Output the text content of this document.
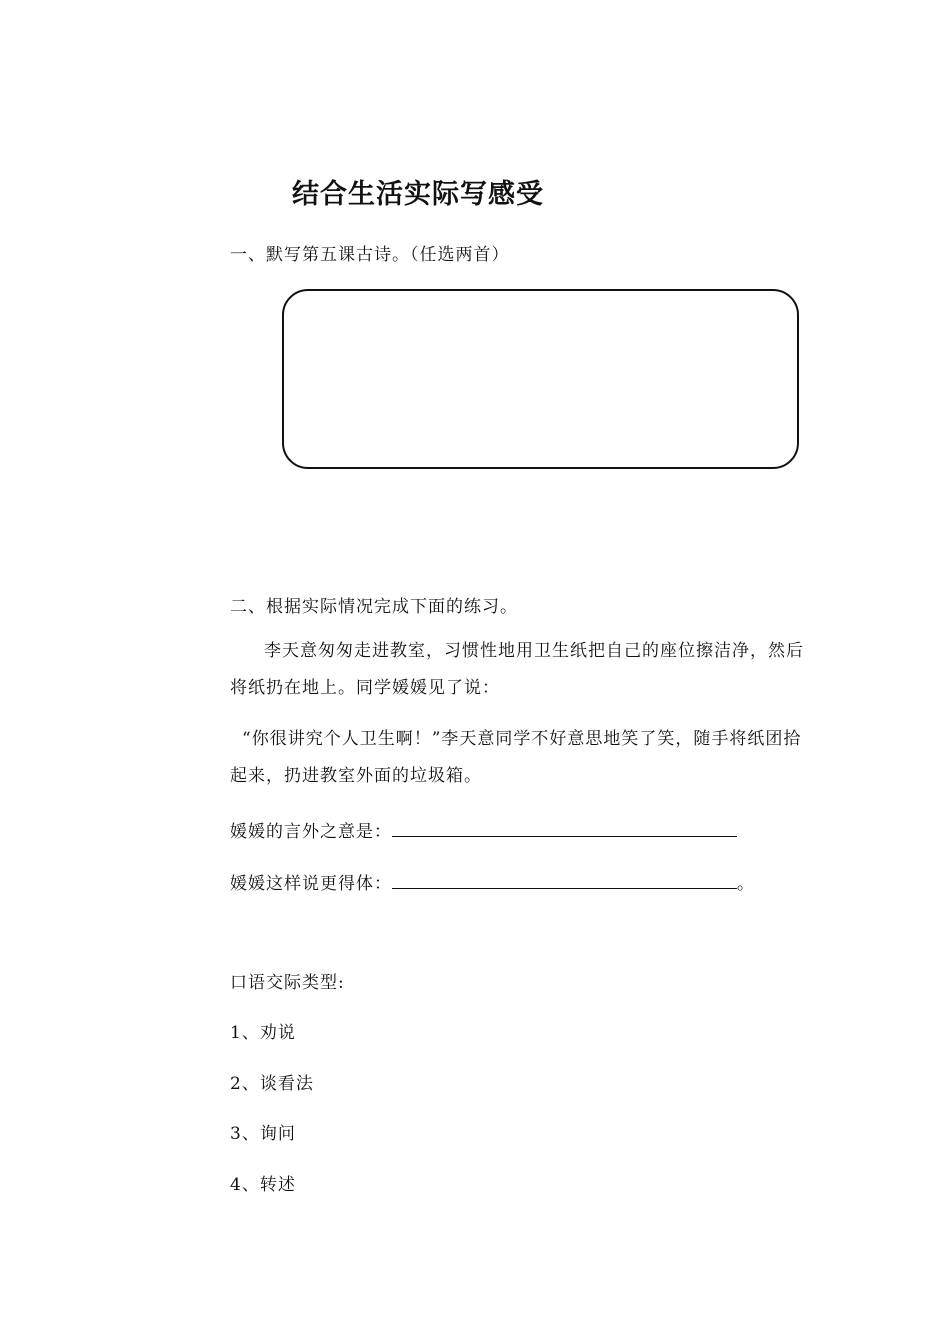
结合生活实际写感受
一、默写第五课古诗。（任选两首）
二、根据实际情况完成下面的练习。
李天意匆匆走进教室，习惯性地用卫生纸把自己的座位擦洁净，然后将纸扔在地上。同学媛媛见了说：
“你很讲究个人卫生啊！”李天意同学不好意思地笑了笑，随手将纸团拾起来，扔进教室外面的垃圾箱。
媛媛的言外之意是：
媛媛这样说更得体：	。
口语交际类型:
1、劝说
2、谈看法
3、询问
4、转述
